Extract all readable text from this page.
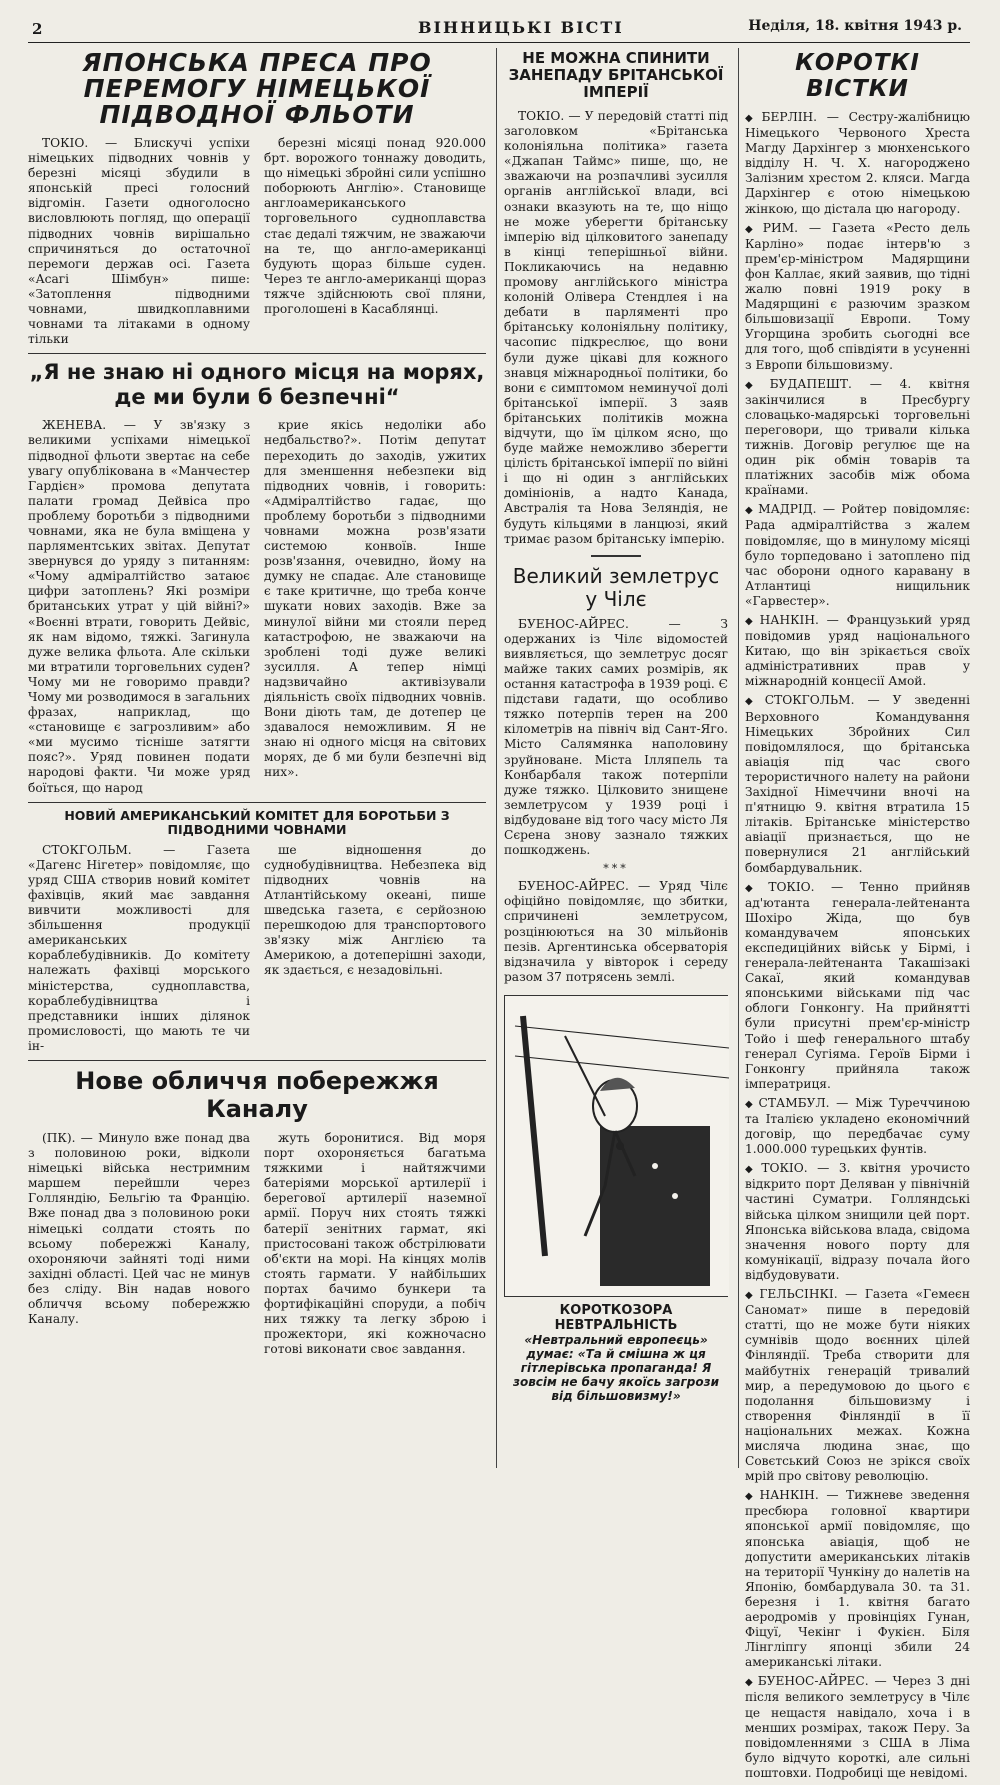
2	ВІННИЦЬКІ ВІСТІ	Неділя, 18. квітня 1943 р.
ЯПОНСЬКА ПРЕСА ПРО ПЕРЕМОГУ НІМЕЦЬКОЇ ПІДВОДНОЇ ФЛЬОТИ

ТОКІО. — Блискучі успіхи німецьких підводних човнів у березні місяці збудили в японській пресі голосний відгомін. Газети одноголосно висловлюють погляд, що операції підводних човнів вирішально спричиняться до остаточної перемоги держав осі. Газета «Асагі Шімбун» пише: «Затоплення підводними човнами, швидкоплавними човнами та літаками в одному тільки

березні місяці понад 920.000 брт. ворожого тоннажу доводить, що німецькі збройні сили успішно поборюють Англію». Становище англоамериканського торговельного судноплавства стає дедалі тяжчим, не зважаючи на те, що англо-американці будують щораз більше суден. Через те англо-американці щораз тяжче здійснюють свої пляни, проголошені в Касаблянці.

„Я не знаю ні одного місця на морях, де ми були б безпечні“

ЖЕНЕВА. — У зв'язку з великими успіхами німецької підводної фльоти звертає на себе увагу опублікована в «Манчестер Гардієн» промова депутата палати громад Дейвіса про проблему боротьби з підводними човнами, яка не була вміщена у парляментських звітах. Депутат звернувся до уряду з питанням: «Чому адміралтійство затаює цифри затоплень? Які розміри британських утрат у цій війні?» «Воєнні втрати, говорить Дейвіс, як нам відомо, тяжкі. Загинула дуже велика фльота. Але скільки ми втратили торговельних суден? Чому ми не говоримо правди? Чому ми розводимося в загальних фразах, наприклад, що «становище є загрозливим» або «ми мусимо тісніше затягти пояс?». Уряд повинен подати народові факти. Чи може уряд боїться, що народ

крие якісь недоліки або недбальство?». Потім депутат переходить до заходів, ужитих для зменшення небезпеки від підводних човнів, і говорить: «Адміралтійство гадає, що проблему боротьби з підводними човнами можна розв'язати системою конвоїв. Інше розв'язання, очевидно, йому на думку не спадає. Але становище є таке критичне, що треба конче шукати нових заходів. Вже за минулої війни ми стояли перед катастрофою, не зважаючи на зроблені тоді дуже великі зусилля. А тепер німці надзвичайно активізували діяльність своїх підводних човнів. Вони діють там, де дотепер це здавалося неможливим. Я не знаю ні одного місця на світових морях, де б ми були безпечні від них».

НОВИЙ АМЕРИКАНСЬКИЙ КОМІТЕТ ДЛЯ БОРОТЬБИ З ПІДВОДНИМИ ЧОВНАМИ

СТОКГОЛЬМ. — Газета «Дагенс Нігетер» повідомляє, що уряд США створив новий комітет фахівців, який має завдання вивчити можливості для збільшення продукції американських кораблебудівників. До комітету належать фахівці морського міністерства, судноплавства, кораблебудівництва і представники інших ділянок промисловості, що мають те чи ін-

ше відношення до суднобудівництва. Небезпека від підводних човнів на Атлантійському океані, пише шведська газета, є серйозною перешкодою для транспортового зв'язку між Англією та Америкою, а дотеперішні заходи, як здається, є незадовільні.

Нове обличчя побережжя Каналу

(ПК). — Минуло вже понад два з половиною роки, відколи німецькі війська нестримним маршем перейшли через Голляндію, Бельгію та Францію. Вже понад два з половиною роки німецькі солдати стоять по всьому побережжі Каналу, охороняючи зайняті тоді ними західні області. Цей час не минув без сліду. Він надав нового обличчя всьому побережжю Каналу.

жуть боронитися. Від моря порт охороняється багатьма тяжкими і найтяжчими батеріями морської артилерії і берегової артилерії наземної армії. Поруч них стоять тяжкі батерії зенітних гармат, які пристосовані також обстрілювати об'єкти на морі. На кінцях молів стоять гармати. У найбільших портах бачимо бункери та фортифікаційні споруди, а побіч них тяжку та легку зброю і прожектори, які кожночасно готові виконати своє завдання.

НЕ МОЖНА СПИНИТИ ЗАНЕПАДУ БРІТАНСЬКОЇ ІМПЕРІЇ

ТОКІО. — У передовій статті під заголовком «Брітанська колоніяльна політика» газета «Джапан Таймс» пише, що, не зважаючи на розпачливі зусилля органів англійської влади, всі ознаки вказують на те, що ніщо не може уберегти брітанську імперію від цілковитого занепаду в кінці теперішньої війни. Покликаючись на недавню промову англійського міністра колоній Олівера Стендлея і на дебати в парляменті про брітанську колоніяльну політику, часопис підкреслює, що вони були дуже цікаві для кожного знавця міжнародньої політики, бо вони є симптомом неминучої долі брітанської імперії. 3 заяв брітанських політиків можна відчути, що їм цілком ясно, що буде майже неможливо зберегти цілість брітанської імперії по війні і що ні один з англійських домініонів, а надто Канада, Австралія та Нова Зеляндія, не будуть кільцями в ланцюзі, який тримає разом брітанську імперію.

Великий землетрус у Чілє

БУЕНОС-АЙРЕС. — З одержаних із Чілє відомостей виявляється, що землетрус досяг майже таких самих розмірів, як остання катастрофа в 1939 році. Є підстави гадати, що особливо тяжко потерпів терен на 200 кілометрів на північ від Сант-Яго. Місто Салямянка наполовину зруйноване. Міста Ілляпель та Конбарбаля також потерпіли дуже тяжко. Цілковито знищене землетрусом у 1939 році і відбудоване від того часу місто Ля Сєрена знову зазнало тяжких пошкоджень.

***

БУЕНОС-АЙРЕС. — Уряд Чілє офіційно повідомляє, що збитки, спричинені землетрусом, розцінюються на 30 мільйонів пезів. Аргентинська обсерваторія відзначила у вівторок і середу разом 37 потрясень землі.

КОРОТКОЗОРА НЕВТРАЛЬНІСТЬ
«Невтральний европеєць» думає: «Та й смішна ж ця гітлерівська пропаганда! Я зовсім не бачу якоїсь загрози від більшовизму!»
КОРОТКІ ВІСТКИ

◆ БЕРЛІН. — Сестру-жалібницю Німецького Червоного Хреста Магду Дархінгер з мюнхенського відділу Н. Ч. Х. нагороджено Залізним хрестом 2. кляси. Магда Дархінгер є отою німецькою жінкою, що дістала цю нагороду.

◆ РИМ. — Газета «Ресто дель Карліно» подає інтерв'ю з прем'єр-міністром Мадярщини фон Каллає, який заявив, що тідні жалю повні 1919 року в Мадярщині є разючим зразком більшовизації Европи. Тому Угорщина зробить сьогодні все для того, щоб співдіяти в усуненні з Европи більшовизму.

◆ БУДАПЕШТ. — 4. квітня закінчилися в Пресбургу словацько-мадярські торговельні переговори, що тривали кілька тижнів. Договір регулює ще на один рік обмін товарів та платіжних засобів між обома країнами.

◆ МАДРІД. — Ройтер повідомляє: Рада адміралтійства з жалем повідомляє, що в минулому місяці було торпедовано і затоплено під час оборони одного каравану в Атлантиці нищильник «Гарвестер».

◆ НАНКІН. — Французький уряд повідомив уряд національного Китаю, що він зрікається своїх адміністративних прав у міжнародній концесії Амой.

◆ СТОКГОЛЬМ. — У зведенні Верховного Командування Німецьких Збройних Сил повідомлялося, що брітанська авіація під час свого терористичного налету на райони Західної Німеччини вночі на п'ятницю 9. квітня втратила 15 літаків. Брітанське міністерство авіації признається, що не повернулися 21 англійський бомбардувальник.

◆ ТОКІО. — Тенно прийняв ад'ютанта генерала-лейтенанта Шохіро Жіда, що був командувачем японських експедиційних військ у Бірмі, і генерала-лейтенанта Такашізакі Сакаї, який командував японськими військами під час облоги Гонконгу. На прийнятті були присутні прем'єр-міністр Тойо і шеф генерального штабу генерал Сугіяма. Героїв Бірми і Гонконгу прийняла також імператриця.

◆ СТАМБУЛ. — Між Туреччиною та Італією укладено економічний договір, що передбачає суму 1.000.000 турецьких фунтів.

◆ ТОКІО. — 3. квітня урочисто відкрито порт Деляван у північній частині Суматри. Голляндські війська цілком знищили цей порт. Японська військова влада, свідома значення нового порту для комунікації, відразу почала його відбудовувати.

◆ ГЕЛЬСІНКІ. — Газета «Гемеєн Саномат» пише в передовій статті, що не може бути ніяких сумнівів щодо воєнних цілей Фінляндії. Треба створити для майбутніх генерацій тривалий мир, а передумовою до цього є подолання більшовизму і створення Фінляндії в її національних межах. Кожна мисляча людина знає, що Совєтський Союз не зрікся своїх мрій про світову революцію.

◆ НАНКІН. — Тижневе зведення пресбюра головної квартири японської армії повідомляє, що японська авіація, щоб не допустити американських літаків на території Чункіну до налетів на Японію, бомбардувала 30. та 31. березня і 1. квітня багато аеродромів у провінціях Гунан, Фіцуї, Чекінг і Фукієн. Біля Лінгліпгу японці збили 24 американські літаки.

◆ БУЕНОС-АЙРЕС. — Через 3 дні після великого землетрусу в Чілє це нещастя навідало, хоча і в менших розмірах, також Перу. За повідомленнями з США в Ліма було відчуто короткі, але сильні поштовхи. Подробиці ще невідомі.
